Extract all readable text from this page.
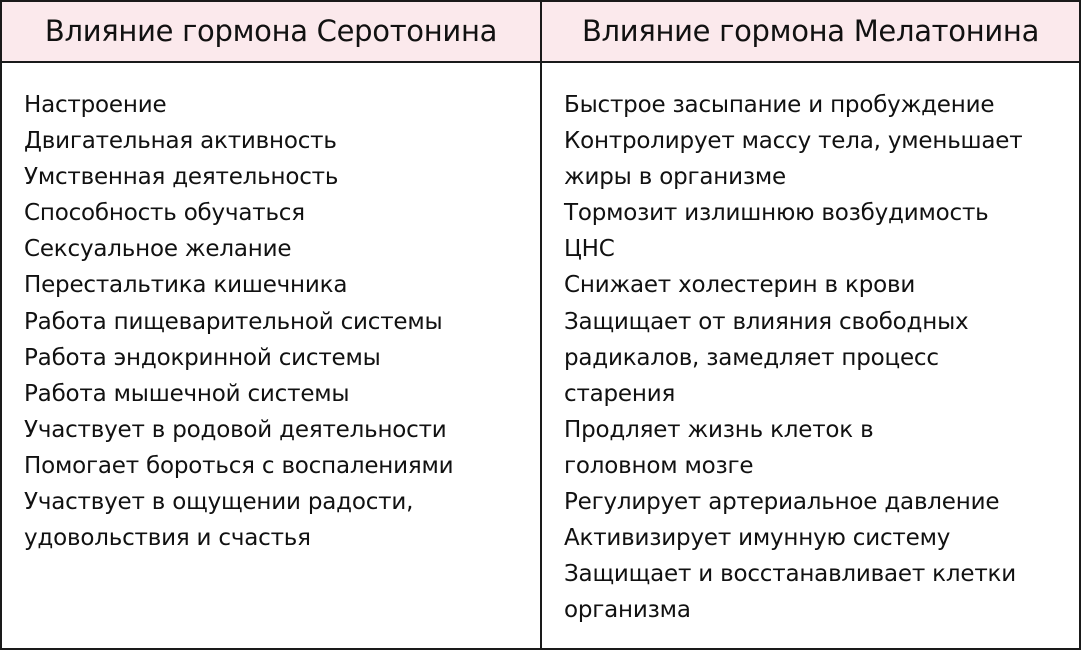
Влияние гормона Серотонина	Влияние гормона Мелатонина
Настроение
Двигательная активность
Умственная деятельность
Способность обучаться
Сексуальное желание
Перестальтика кишечника
Работа пищеварительной системы
Работа эндокринной системы
Работа мышечной системы
Участвует в родовой деятельности
Помогает бороться с воспалениями
Участвует в ощущении радости,
удовольствия и счастья
Быстрое засыпание и пробуждение
Контролирует массу тела, уменьшает
жиры в организме
Тормозит излишнюю возбудимость
ЦНС
Снижает холестерин в крови
Защищает от влияния свободных
радикалов, замедляет процесс
старения
Продляет жизнь клеток в
головном мозге
Регулирует артериальное давление
Активизирует имунную систему
Защищает и восстанавливает клетки
организма
